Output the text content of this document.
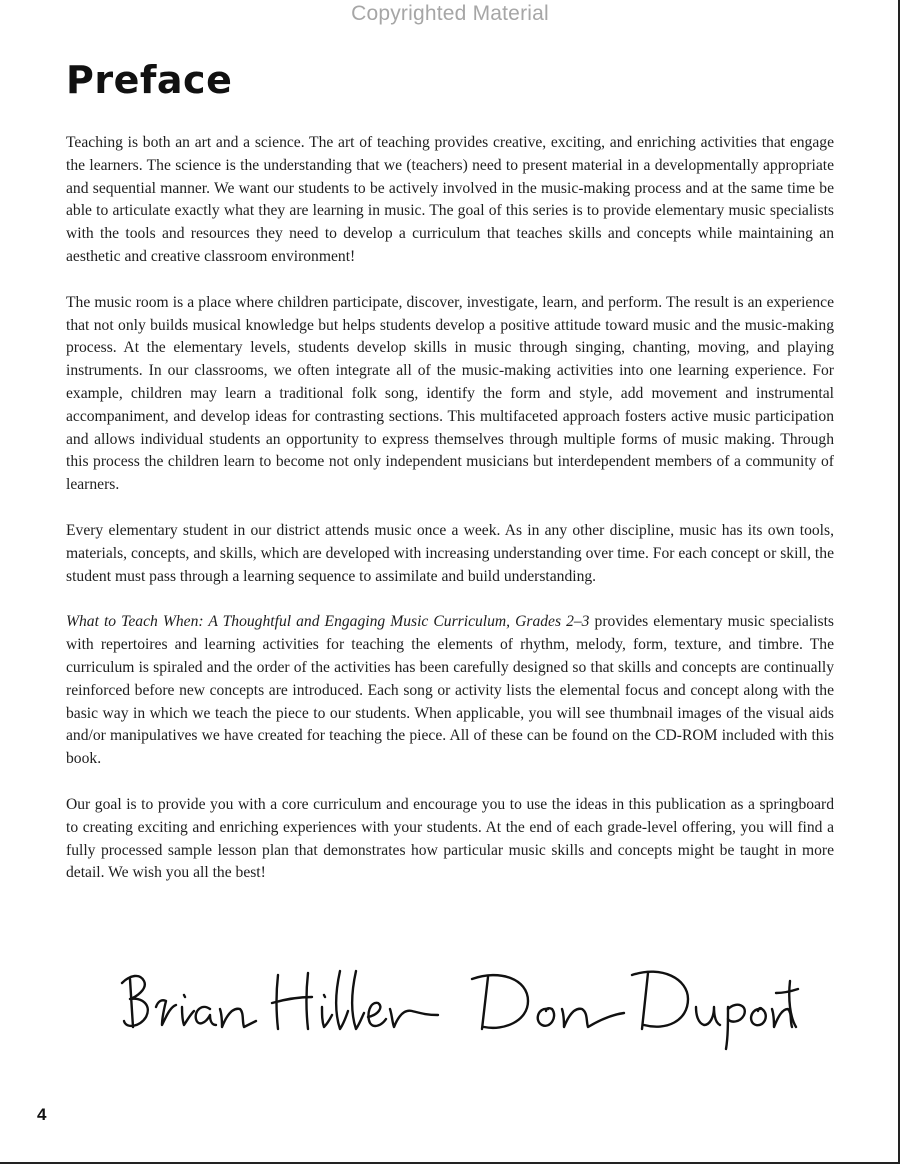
Copyrighted Material
Preface

Teaching is both an art and a science. The art of teaching provides creative, exciting, and enriching activities that engage the learners. The science is the understanding that we (teachers) need to present material in a developmentally appropriate and sequential manner. We want our students to be actively involved in the music-making process and at the same time be able to articulate exactly what they are learning in music. The goal of this series is to provide elementary music specialists with the tools and resources they need to develop a curriculum that teaches skills and concepts while maintaining an aesthetic and creative classroom environment!

The music room is a place where children participate, discover, investigate, learn, and perform. The result is an experience that not only builds musical knowledge but helps students develop a positive attitude toward music and the music-making process. At the elementary levels, students develop skills in music through singing, chanting, moving, and playing instruments. In our classrooms, we often integrate all of the music-making activities into one learning experience. For example, children may learn a traditional folk song, identify the form and style, add movement and instrumental accompaniment, and develop ideas for contrasting sections. This multifaceted approach fosters active music participation and allows individual students an opportunity to express themselves through multiple forms of music making. Through this process the children learn to become not only independent musicians but interdependent members of a community of learners.

Every elementary student in our district attends music once a week. As in any other discipline, music has its own tools, materials, concepts, and skills, which are developed with increasing understanding over time. For each concept or skill, the student must pass through a learning sequence to assimilate and build understanding.

What to Teach When: A Thoughtful and Engaging Music Curriculum, Grades 2–3 provides elementary music specialists with repertoires and learning activities for teaching the elements of rhythm, melody, form, texture, and timbre. The curriculum is spiraled and the order of the activities has been carefully designed so that skills and concepts are continually reinforced before new concepts are introduced. Each song or activity lists the elemental focus and concept along with the basic way in which we teach the piece to our students. When applicable, you will see thumbnail images of the visual aids and/or manipulatives we have created for teaching the piece. All of these can be found on the CD-ROM included with this book.

Our goal is to provide you with a core curriculum and encourage you to use the ideas in this publication as a springboard to creating exciting and enriching experiences with your students. At the end of each grade-level offering, you will find a fully processed sample lesson plan that demonstrates how particular music skills and concepts might be taught in more detail. We wish you all the best!

4
